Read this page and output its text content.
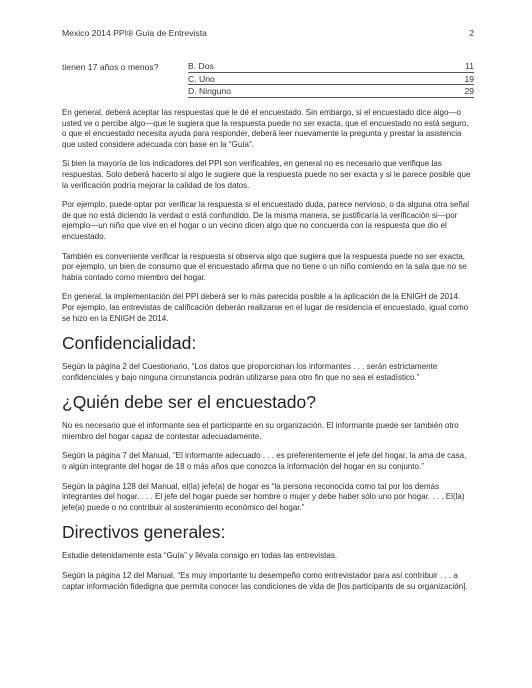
Mexico 2014 PPI® Guía de Entrevista	2
tienen 17 años o menos?	B. Dos	11
C. Uno	19
D. Ninguno	29

En general, deberá aceptar las respuestas que le dé el encuestado. Sin embargo, si el encuestado dice algo—o usted ve o percibe algo—que le sugiera que la respuesta puede no ser exacta, que el encuestado no está seguro, o que el encuestado necesita ayuda para responder, deberá leer nuevamente la pregunta y prestar la asistencia que usted considere adecuada con base en la “Guía”.

Si bien la mayoría de los indicadores del PPI son verificables, en general no es necesario que verifique las respuestas. Solo deberá hacerlo si algo le sugiere que la respuesta puede no ser exacta y si le parece posible que la verificación podría mejorar la calidad de los datos.

Por ejemplo, puede optar por verificar la respuesta si el encuestado duda, parece nervioso, o da alguna otra señal de que no está diciendo la verdad o está confundido. De la misma manera, se justificaría la verificación si—por ejemplo—un niño que vive en el hogar o un vecino dicen algo que no concuerda con la respuesta que dio el encuestado.

También es conveniente verificar la respuesta si observa algo que sugiera que la respuesta puede no ser exacta, por ejemplo, un bien de consumo que el encuestado afirma que no tiene o un niño comiendo en la sala que no se había contado como miembro del hogar.

En general, la implementación del PPI deberá ser lo más parecida posible a la aplicación de la ENIGH de 2014. Por ejemplo, las entrevistas de calificación deberán realizarse en el lugar de residencia el encuestado, igual como se hizo en la ENIGH de 2014.

Confidencialidad:

Según la página 2 del Cuestionario, “Los datos que proporcionan los informantes . . . serán estrictamente confidenciales y bajo ninguna circunstancia podrán utilizarse para otro fin que no sea el estadístico.”

¿Quién debe ser el encuestado?

No es necesario que el informante sea el participante en su organización. El informante puede ser también otro miembro del hogar capaz de contestar adecuadamente.

Según la página 7 del Manual, “El informante adecuado . . . es preferentemente el jefe del hogar, la ama de casa, o algún integrante del hogar de 18 o más años que conozca la información del hogar en su conjunto.”

Según la página 128 del Manual, el(la) jefe(a) de hogar es “la persona reconocida como tal por los demás integrantes del hogar. . . . El jefe del hogar puede ser hombre o mujer y debe haber sólo uno por hogar. . . . El(la) jefe(a) puede o no contribuir al sostenimiento económico del hogar.”

Directivos generales:

Estudie detenidamente esta “Guía” y llévala consigo en todas las entrevistas.

Según la página 12 del Manual, “Es muy importante tu desempeño como entrevistador para así contribuir . . . a captar información fidedigna que permita conocer las condiciones de vida de [los participants de su organización].
